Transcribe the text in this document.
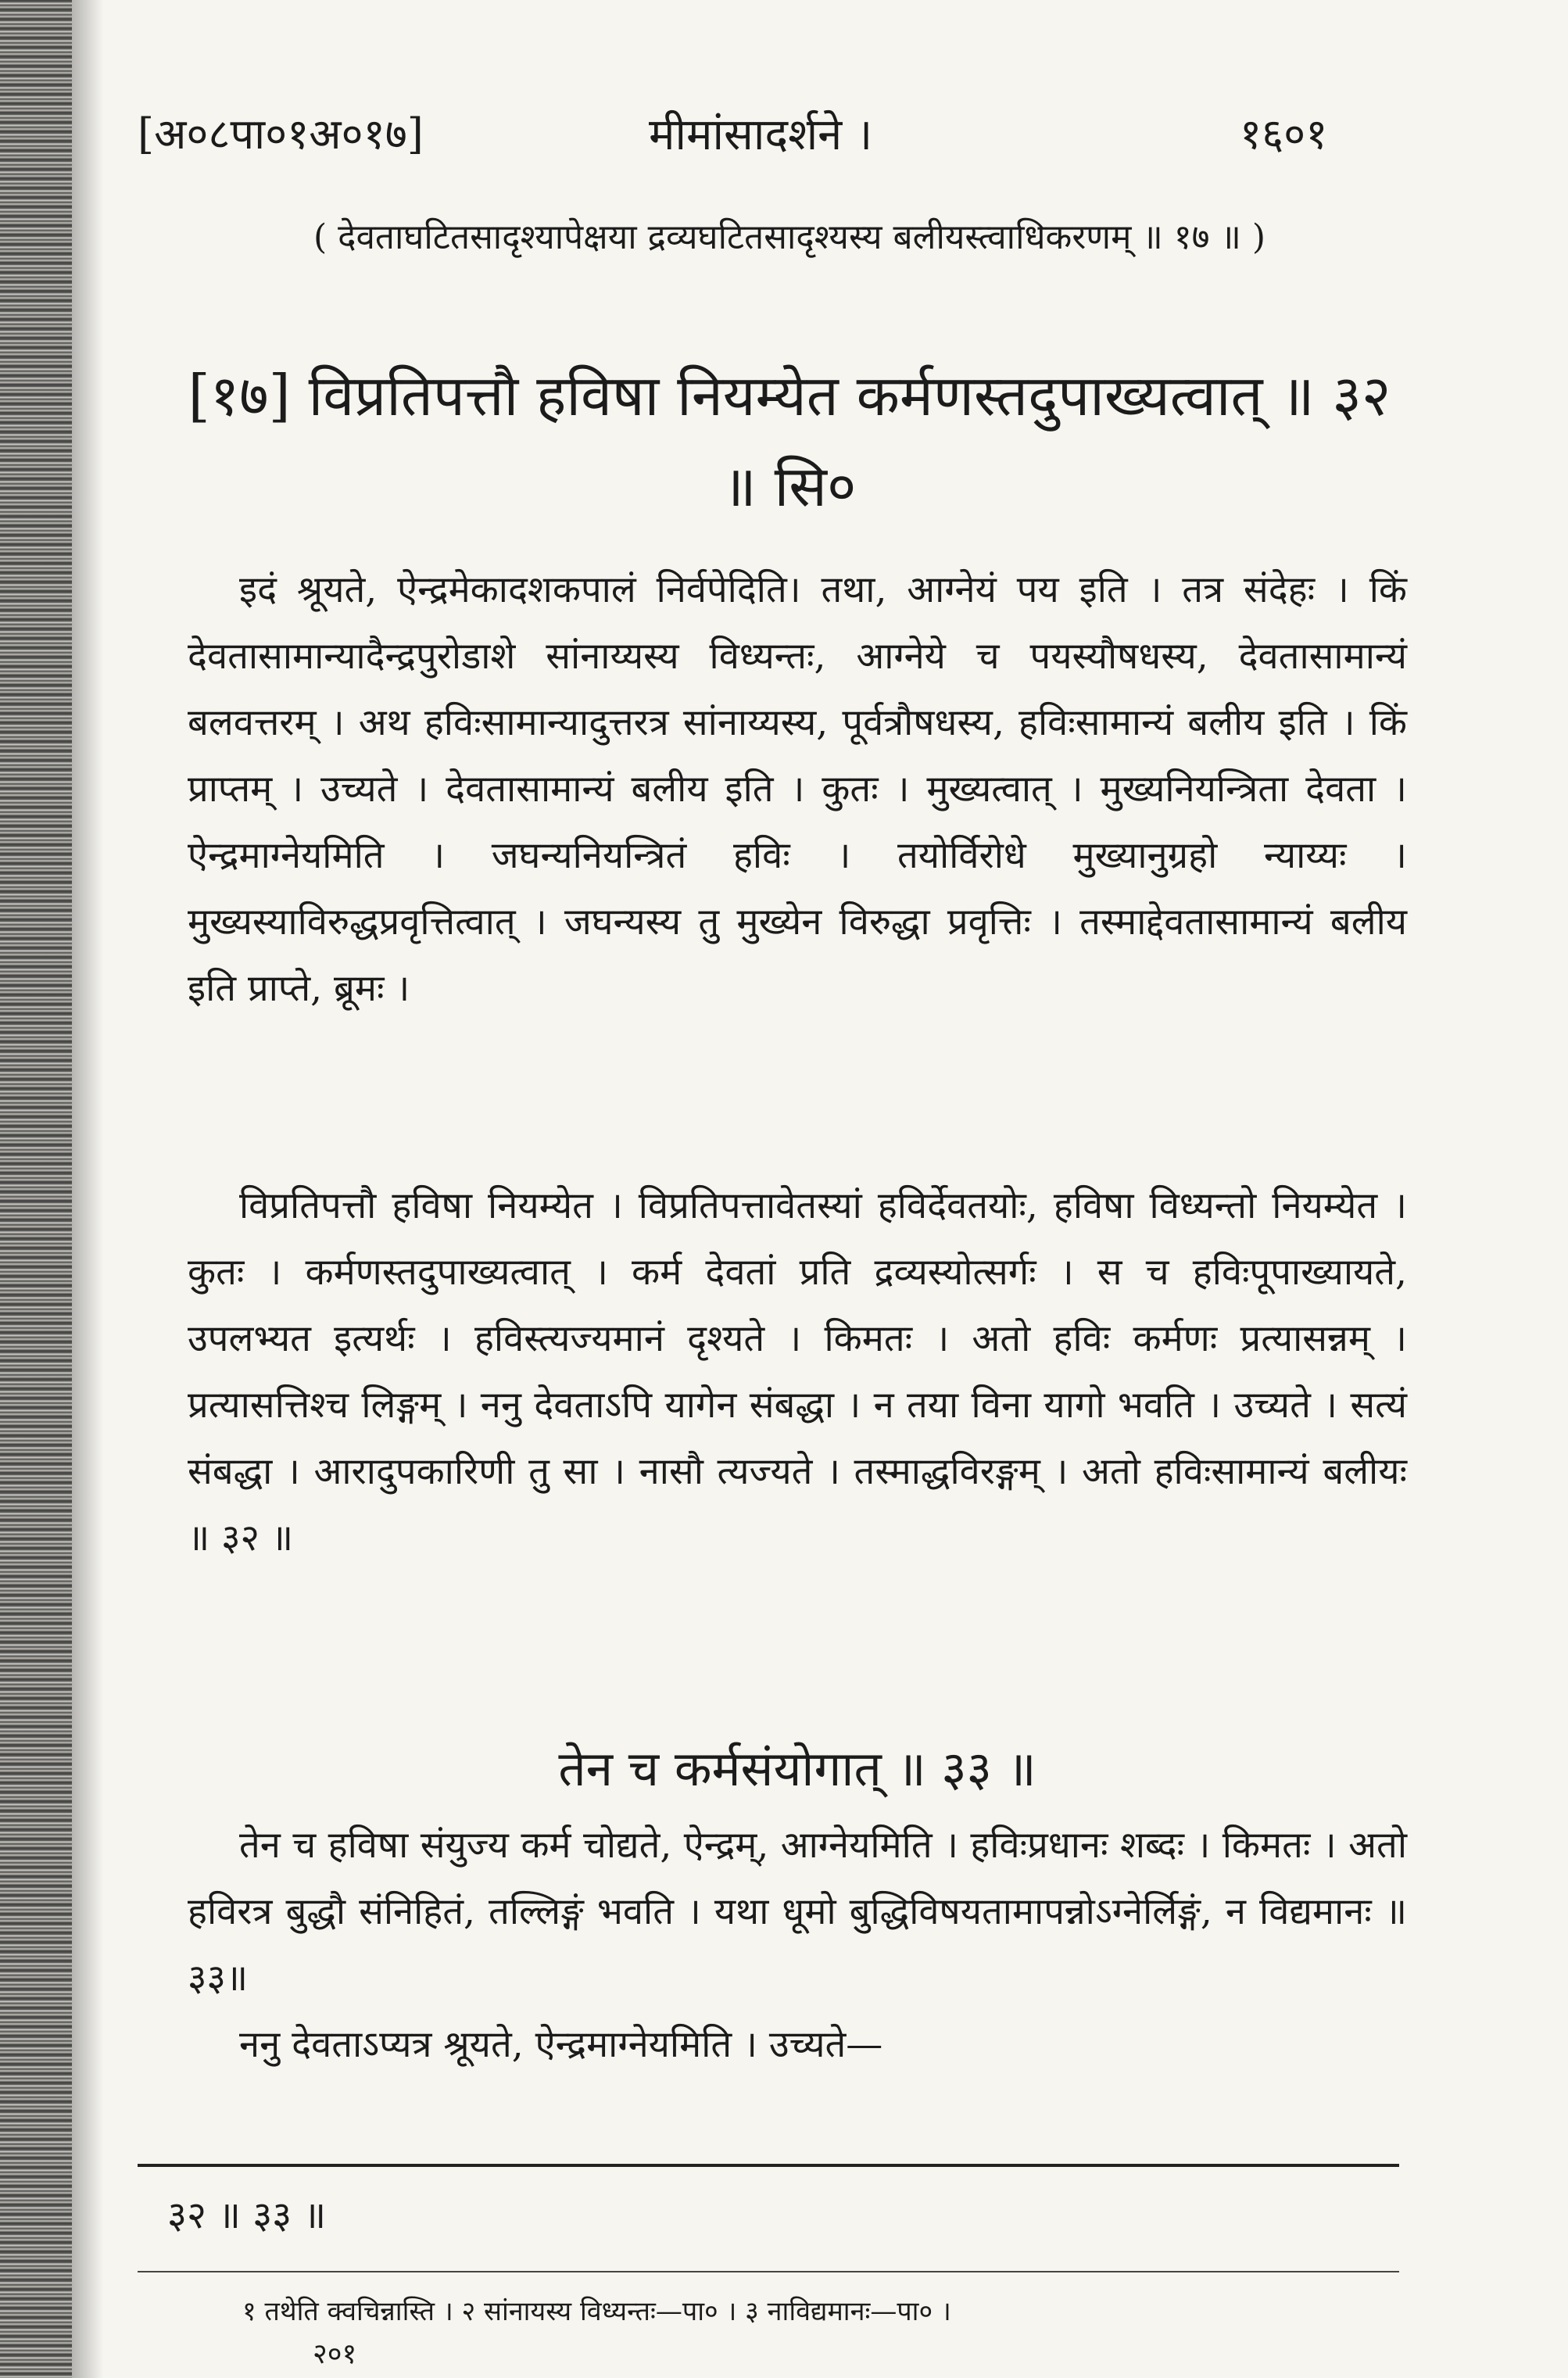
[अ०८पा०१अ०१७]	मीमांसादर्शने ।	१६०१
( देवताघटितसादृश्यापेक्षया द्रव्यघटितसादृश्यस्य बलीयस्त्वाधिकरणम् ॥ १७ ॥ )
[१७] विप्रतिपत्तौ हविषा नियम्येत कर्मणस्तदुपाख्यत्वात् ॥ ३२ ॥ सि०

इदं श्रूयते, ऐन्द्रमेकादशकपालं निर्वपेदिति। तथा, आग्नेयं पय इति । तत्र संदेहः । किं देवतासामान्यादैन्द्रपुरोडाशे सांनाय्यस्य विध्यन्तः, आग्नेये च पयस्यौषधस्य, देवतासामान्यं बलवत्तरम् । अथ हविःसामान्यादुत्तरत्र सांनाय्यस्य, पूर्वत्रौषधस्य, हविःसामान्यं बलीय इति । किं प्राप्तम् । उच्यते । देवतासामान्यं बलीय इति । कुतः । मुख्यत्वात् । मुख्यनियन्त्रिता देवता । ऐन्द्रमाग्नेयमिति । जघन्यनियन्त्रितं हविः । तयोर्विरोधे मुख्यानुग्रहो न्याय्यः । मुख्यस्याविरुद्धप्रवृत्तित्वात् । जघन्यस्य तु मुख्येन विरुद्धा प्रवृत्तिः । तस्माद्देवतासामान्यं बलीय इति प्राप्ते, ब्रूमः ।

विप्रतिपत्तौ हविषा नियम्येत । विप्रतिपत्तावेतस्यां हविर्देवतयोः, हविषा विध्यन्तो नियम्येत । कुतः । कर्मणस्तदुपाख्यत्वात् । कर्म देवतां प्रति द्रव्यस्योत्सर्गः । स च हविःपूपाख्यायते, उपलभ्यत इत्यर्थः । हविस्त्यज्यमानं दृश्यते । किमतः । अतो हविः कर्मणः प्रत्यासन्नम् । प्रत्यासत्तिश्च लिङ्गम् । ननु देवताऽपि यागेन संबद्धा । न तया विना यागो भवति । उच्यते । सत्यं संबद्धा । आरादुपकारिणी तु सा । नासौ त्यज्यते । तस्माद्धविरङ्गम् । अतो हविःसामान्यं बलीयः ॥ ३२ ॥

तेन च कर्मसंयोगात् ॥ ३३ ॥

तेन च हविषा संयुज्य कर्म चोद्यते, ऐन्द्रम्, आग्नेयमिति । हविःप्रधानः शब्दः । किमतः । अतो हविरत्र बुद्धौ संनिहितं, तल्लिङ्गं भवति । यथा धूमो बुद्धिविषयतामापन्नोऽग्नेर्लिङ्गं, न विद्यमानः ॥३३॥

ननु देवताऽप्यत्र श्रूयते, ऐन्द्रमाग्नेयमिति । उच्यते—

३२ ॥ ३३ ॥
१ तथेति क्वचिन्नास्ति । २ सांनायस्य विध्यन्तः—पा० । ३ नाविद्यमानः—पा० ।
२०१
